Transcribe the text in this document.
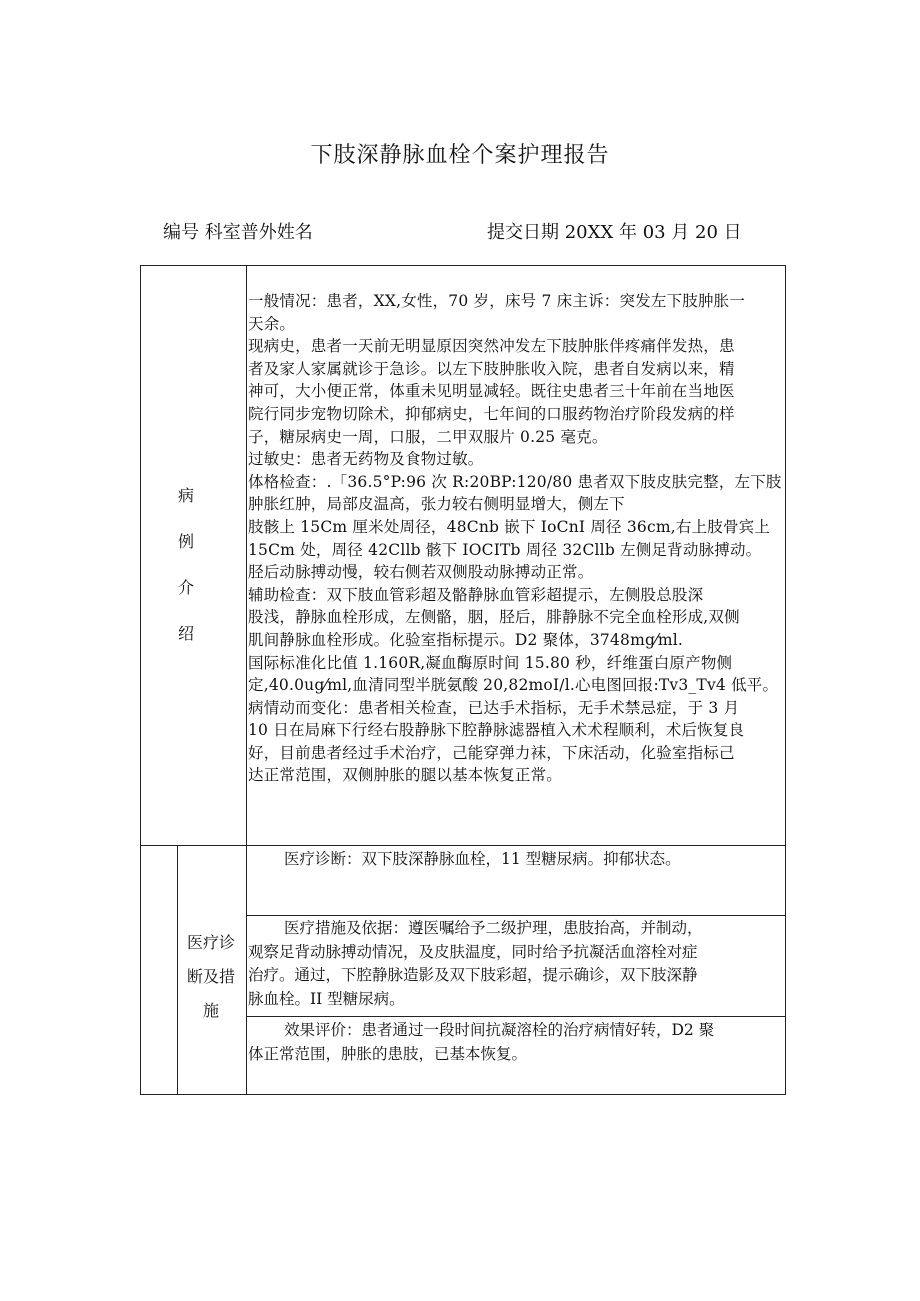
下肢深静脉血栓个案护理报告
编号 科室普外姓名	提交日期 20XX 年 03 月 20 日
病
例
介
绍

一般情况：患者，XX,女性，70 岁，床号 7 床主诉：突发左下肢肿胀一

天余。

现病史，患者一天前无明显原因突然冲发左下肢肿胀伴疼痛伴发热，患

者及家人家属就诊于急诊。以左下肢肿胀收入院，患者自发病以来，精

神可，大小便正常，体重未见明显减轻。既往史患者三十年前在当地医

院行同步宠物切除术，抑郁病史，七年间的口服药物治疗阶段发病的样

子，糖尿病史一周，口服，二甲双服片 0.25 毫克。

过敏史：患者无药物及食物过敏。

体格检查：.「36.5°P:96 次 R:20BP:120/80 患者双下肢皮肤完整，左下肢

肿胀红肿，局部皮温高，张力较右侧明显增大，侧左下

肢骸上 15Cm 厘米处周径，48Cnb 嵌下 IoCnI 周径 36cm,右上肢骨宾上

15Cm 处，周径 42Cllb 骸下 IOCITb 周径 32Cllb 左侧足背动脉搏动。

胫后动脉搏动慢，较右侧若双侧股动脉搏动正常。

辅助检查：双下肢血管彩超及骼静脉血管彩超提示，左侧股总股深

股浅，静脉血栓形成，左侧骼，胭，胫后，腓静脉不完全血栓形成,双侧

肌间静脉血栓形成。化验室指标提示。D2 聚体，3748mg⁄ml.

国际标准化比值 1.160R,凝血酶原时间 15.80 秒，纤维蛋白原产物侧

定,40.0ug⁄ml,血清同型半胱氨酸 20,82moI∕l.心电图回报:Tv3_Tv4 低平。

病情动而变化：患者相关检查，已达手术指标，无手术禁忌症，于 3 月

10 日在局麻下行经右股静脉下腔静脉滤器植入术术程顺利，术后恢复良

好，目前患者经过手术治疗，己能穿弹力袜，下床活动，化验室指标己

达正常范围，双侧肿胀的腿以基本恢复正常。

医疗诊
断及措
施

医疗诊断：双下肢深静脉血栓，11 型糖尿病。抑郁状态。

医疗措施及依据：遵医嘱给予二级护理，患肢抬高，并制动，

观察足背动脉搏动情况，及皮肤温度，同时给予抗凝活血溶栓对症

治疗。通过，下腔静脉造影及双下肢彩超，提示确诊，双下肢深静

脉血栓。II 型糖尿病。

效果评价：患者通过一段时间抗凝溶栓的治疗病情好转，D2 聚

体正常范围，肿胀的患肢，已基本恢复。
